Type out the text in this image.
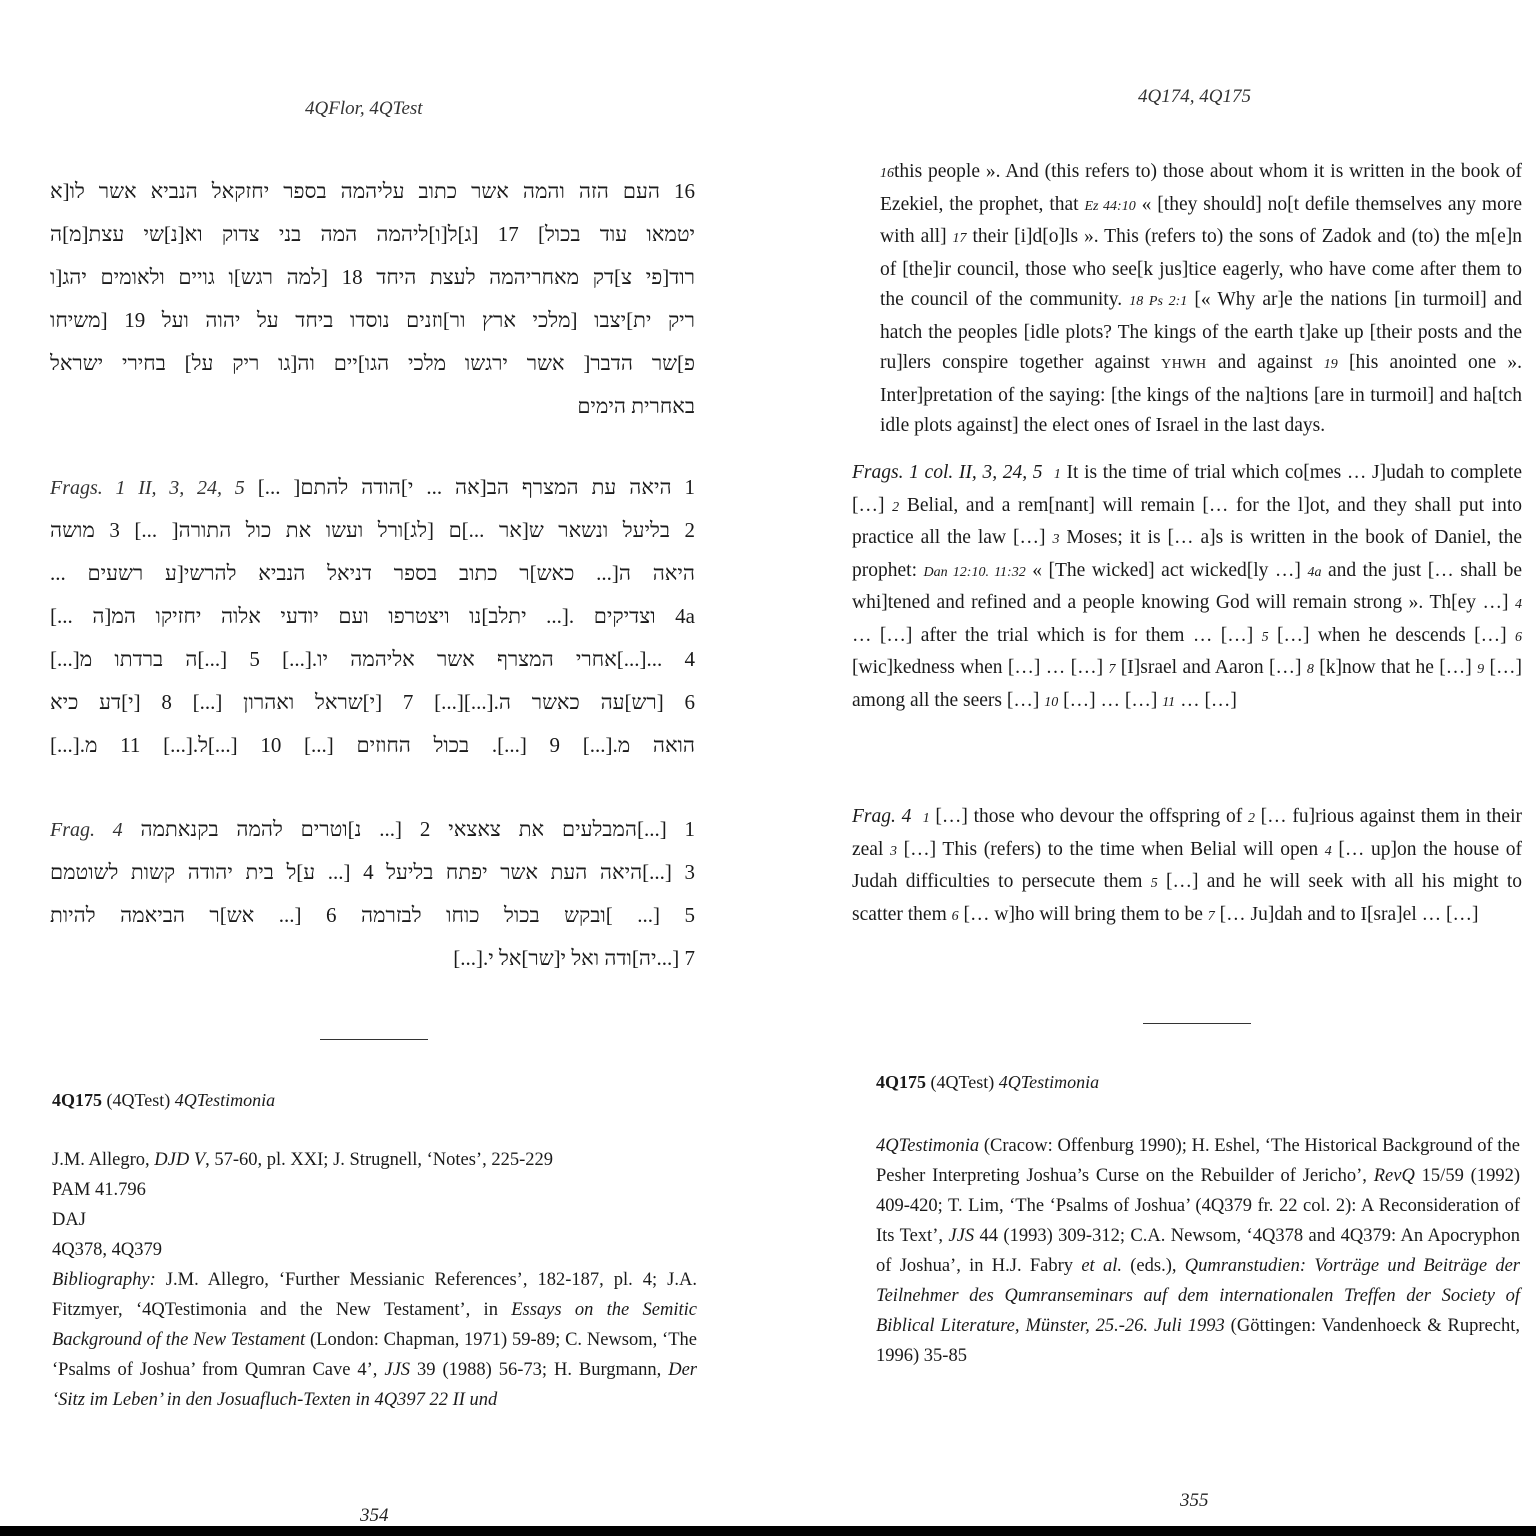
4QFlor, 4QTest
16 העם הזה והמה אשר כתוב עליהמה בספר יחזקאל הנביא אשר לו[א
יטמאו עוד בכול] 17 [ג]ל[ו]ליהמה המה בני צדוק וא[נ]שי עצת[מ]ה
רוד[פי צ]דק מאחריהמה לעצת היחד 18 [למה רגש]ו גויים ולאומים יהג[ו
ריק ית]יצבו [מלכי ארץ ור]וזנים נוסדו ביחד על יהוה ועל 19 [משיחו
פ]שר הדבר[ אשר ירגשו מלכי הגו]יים וה[גו ריק על] בחירי ישראל
באחרית הימים
1 היאה עת המצרף הב[אה ... י]הודה להתם[ ...] Frags. 1 II, 3, 24, 5
2 בליעל ונשאר ש[אר ...]ם [לג]ורל ועשו את כול התורה[ ...] 3 מושה
היאה ה[... כאש]ר כתוב בספר דניאל הנביא להרשי[ע רשעים ...
4a וצדיקים .[... יתלב]נו ויצטרפו ועם יודעי אלוה יחזיקו המ[ה ...]
4 ...[...]אחרי המצרף אשר אליהמה יו.[...] 5 [...]ה ברדתו מ[...]
6 [רש]עה כאשר ה.[...][...] 7 [י]שראל ואהרון [...] 8 [י]דע כיא
הואה מ.[...] 9 [...]. בכול החוזים [...] 10 [...]ל.[...] 11 מ.[...]
1 [...]המבלעים את צאצאי 2 [... נ]וטרים להמה בקנאתמה Frag. 4
3 [...]היאה העת אשר יפתח בליעל 4 [... ע]ל בית יהודה קשות לשוטמם
5 [... ]ובקש בכול כוחו לבזרמה 6 [... אש]ר הביאמה להיות
7 [...יה]ודה ואל י[שר]אל י.[...]
4Q175 (4QTest) 4QTestimonia
J.M. Allegro, DJD V, 57-60, pl. XXI; J. Strugnell, ‘Notes’, 225-229
PAM 41.796
DAJ
4Q378, 4Q379
Bibliography: J.M. Allegro, ‘Further Messianic References’, 182-187, pl. 4; J.A. Fitzmyer, ‘4QTestimonia and the New Testament’, in Essays on the Semitic Background of the New Testament (London: Chapman, 1971) 59-89; C. Newsom, ‘The ‘Psalms of Joshua’ from Qumran Cave 4’, JJS 39 (1988) 56-73; H. Burgmann, Der ‘Sitz im Leben’ in den Josuafluch-Texten in 4Q397 22 II und
354
4Q174, 4Q175
16this people ». And (this refers to) those about whom it is written in the book of Ezekiel, the prophet, that Ez 44:10 « [they should] no[t defile themselves any more with all] 17 their [i]d[o]ls ». This (refers to) the sons of Zadok and (to) the m[e]n of [the]ir council, those who see[k jus]tice eagerly, who have come after them to the council of the community. 18 Ps 2:1 [« Why ar]e the nations [in turmoil] and hatch the peoples [idle plots? The kings of the earth t]ake up [their posts and the ru]lers conspire together against YHWH and against 19 [his anointed one ». Inter]pretation of the saying: [the kings of the na]tions [are in turmoil] and ha[tch idle plots against] the elect ones of Israel in the last days.
Frags. 1 col. II, 3, 24, 5 1 It is the time of trial which co[mes … J]udah to complete […] 2 Belial, and a rem[nant] will remain [… for the l]ot, and they shall put into practice all the law […] 3 Moses; it is [… a]s is written in the book of Daniel, the prophet: Dan 12:10. 11:32 « [The wicked] act wicked[ly …] 4a and the just [… shall be whi]tened and refined and a people knowing God will remain strong ». Th[ey …] 4 … […] after the trial which is for them … […] 5 […] when he descends […] 6 [wic]kedness when […] … […] 7 [I]srael and Aaron […] 8 [k]now that he […] 9 […] among all the seers […] 10 […] … […] 11 … […]
Frag. 4 1 […] those who devour the offspring of 2 [… fu]rious against them in their zeal 3 […] This (refers) to the time when Belial will open 4 [… up]on the house of Judah difficulties to persecute them 5 […] and he will seek with all his might to scatter them 6 [… w]ho will bring them to be 7 [… Ju]dah and to I[sra]el … […]
4Q175 (4QTest) 4QTestimonia
4QTestimonia (Cracow: Offenburg 1990); H. Eshel, ‘The Historical Background of the Pesher Interpreting Joshua’s Curse on the Rebuilder of Jericho’, RevQ 15/59 (1992) 409-420; T. Lim, ‘The ‘Psalms of Joshua’ (4Q379 fr. 22 col. 2): A Reconsideration of Its Text’, JJS 44 (1993) 309-312; C.A. Newsom, ‘4Q378 and 4Q379: An Apocryphon of Joshua’, in H.J. Fabry et al. (eds.), Qumranstudien: Vorträge und Beiträge der Teilnehmer des Qumranseminars auf dem internationalen Treffen der Society of Biblical Literature, Münster, 25.-26. Juli 1993 (Göttingen: Vandenhoeck & Ruprecht, 1996) 35-85
355
